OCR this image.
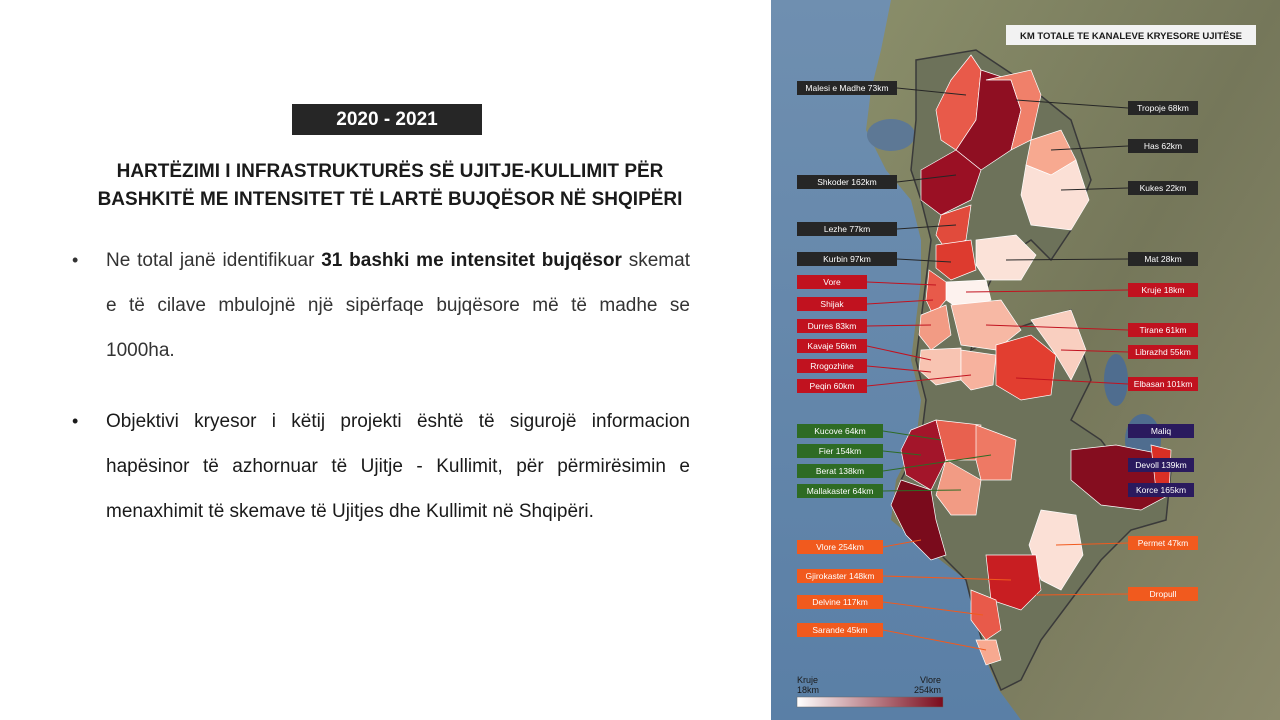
2020 - 2021
HARTËZIMI I INFRASTRUKTURËS SË UJITJE-KULLIMIT PËR
BASHKITË ME INTENSITET TË LARTË BUJQËSOR NË SHQIPËRI
• Ne total janë identifikuar 31 bashki me intensitet bujqësor skemat e të cilave mbulojnë një sipërfaqe bujqësore më të madhe se 1000ha.
• Objektivi kryesor i këtij projekti është të sigurojë informacion hapësinor të azhornuar të Ujitje - Kullimit, për përmirësimin e menaxhimit të skemave të Ujitjes dhe Kullimit në Shqipëri.
KM TOTALE TE KANALEVE KRYESORE UJITËSE
Malesi e Madhe 73km
Shkoder 162km
Lezhe 77km
Kurbin 97km
Vore
Shijak
Durres 83km
Kavaje 56km
Rrogozhine
Peqin 60km
Kucove 64km
Fier 154km
Berat 138km
Mallakaster 64km
Vlore 254km
Gjirokaster 148km
Delvine 117km
Sarande 45km
Tropoje 68km
Has 62km
Kukes 22km
Mat 28km
Kruje 18km
Tirane 61km
Librazhd 55km
Elbasan 101km
Maliq
Devoll 139km
Korce 165km
Permet 47km
Dropull
Kruje
18km
Vlore
254km
